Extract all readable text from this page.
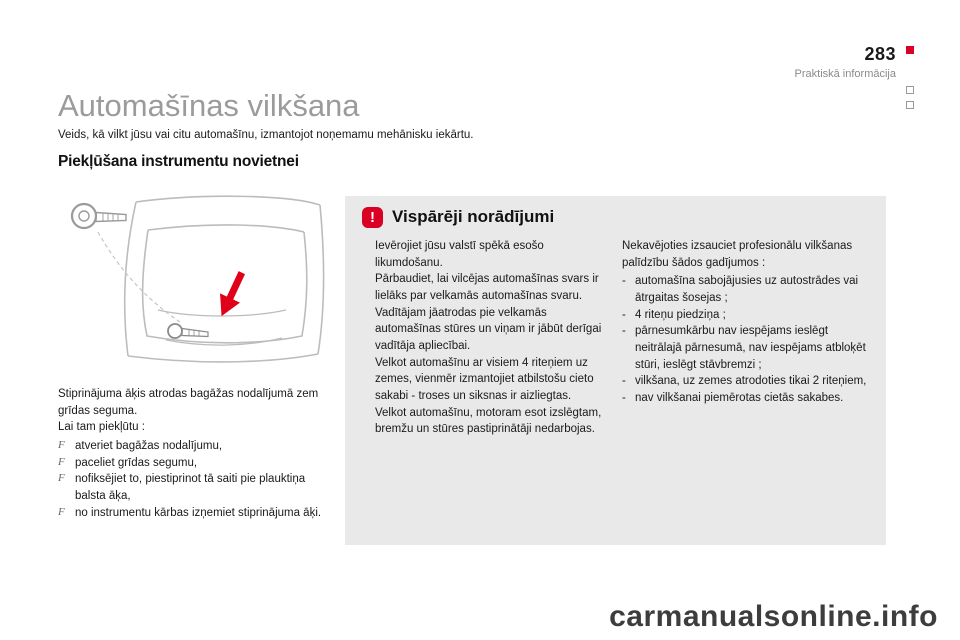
283
Praktiskā informācija
Automašīnas vilkšana
Veids, kā vilkt jūsu vai citu automašīnu, izmantojot noņemamu mehānisku iekārtu.
Piekļūšana instrumentu novietnei

Stiprinājuma āķis atrodas bagāžas nodalījumā zem grīdas seguma.

Lai tam piekļūtu :

F atveriet bagāžas nodalījumu,
F paceliet grīdas segumu,
F nofiksējiet to, piestiprinot tā saiti pie plauktiņa balsta āķa,
F no instrumentu kārbas izņemiet stiprinājuma āķi.
!	Vispārēji norādījumi

Ievērojiet jūsu valstī spēkā esošo likumdošanu.

Pārbaudiet, lai vilcējas automašīnas svars ir lielāks par velkamās automašīnas svaru.

Vadītājam jāatrodas pie velkamās automašīnas stūres un viņam ir jābūt derīgai vadītāja apliecībai.

Velkot automašīnu ar visiem 4 riteņiem uz zemes, vienmēr izmantojiet atbilstošu cieto sakabi - troses un siksnas ir aizliegtas.

Velkot automašīnu, motoram esot izslēgtam, bremžu un stūres pastiprinātāji nedarbojas.

Nekavējoties izsauciet profesionālu vilkšanas palīdzību šādos gadījumos :

- automašīna sabojājusies uz autostrādes vai ātrgaitas šosejas ;
- 4 riteņu piedziņa ;
- pārnesumkārbu nav iespējams ieslēgt neitrālajā pārnesumā, nav iespējams atbloķēt stūri, ieslēgt stāvbremzi ;
- vilkšana, uz zemes atrodoties tikai 2 riteņiem,
- nav vilkšanai piemērotas cietās sakabes.
carmanualsonline.info
